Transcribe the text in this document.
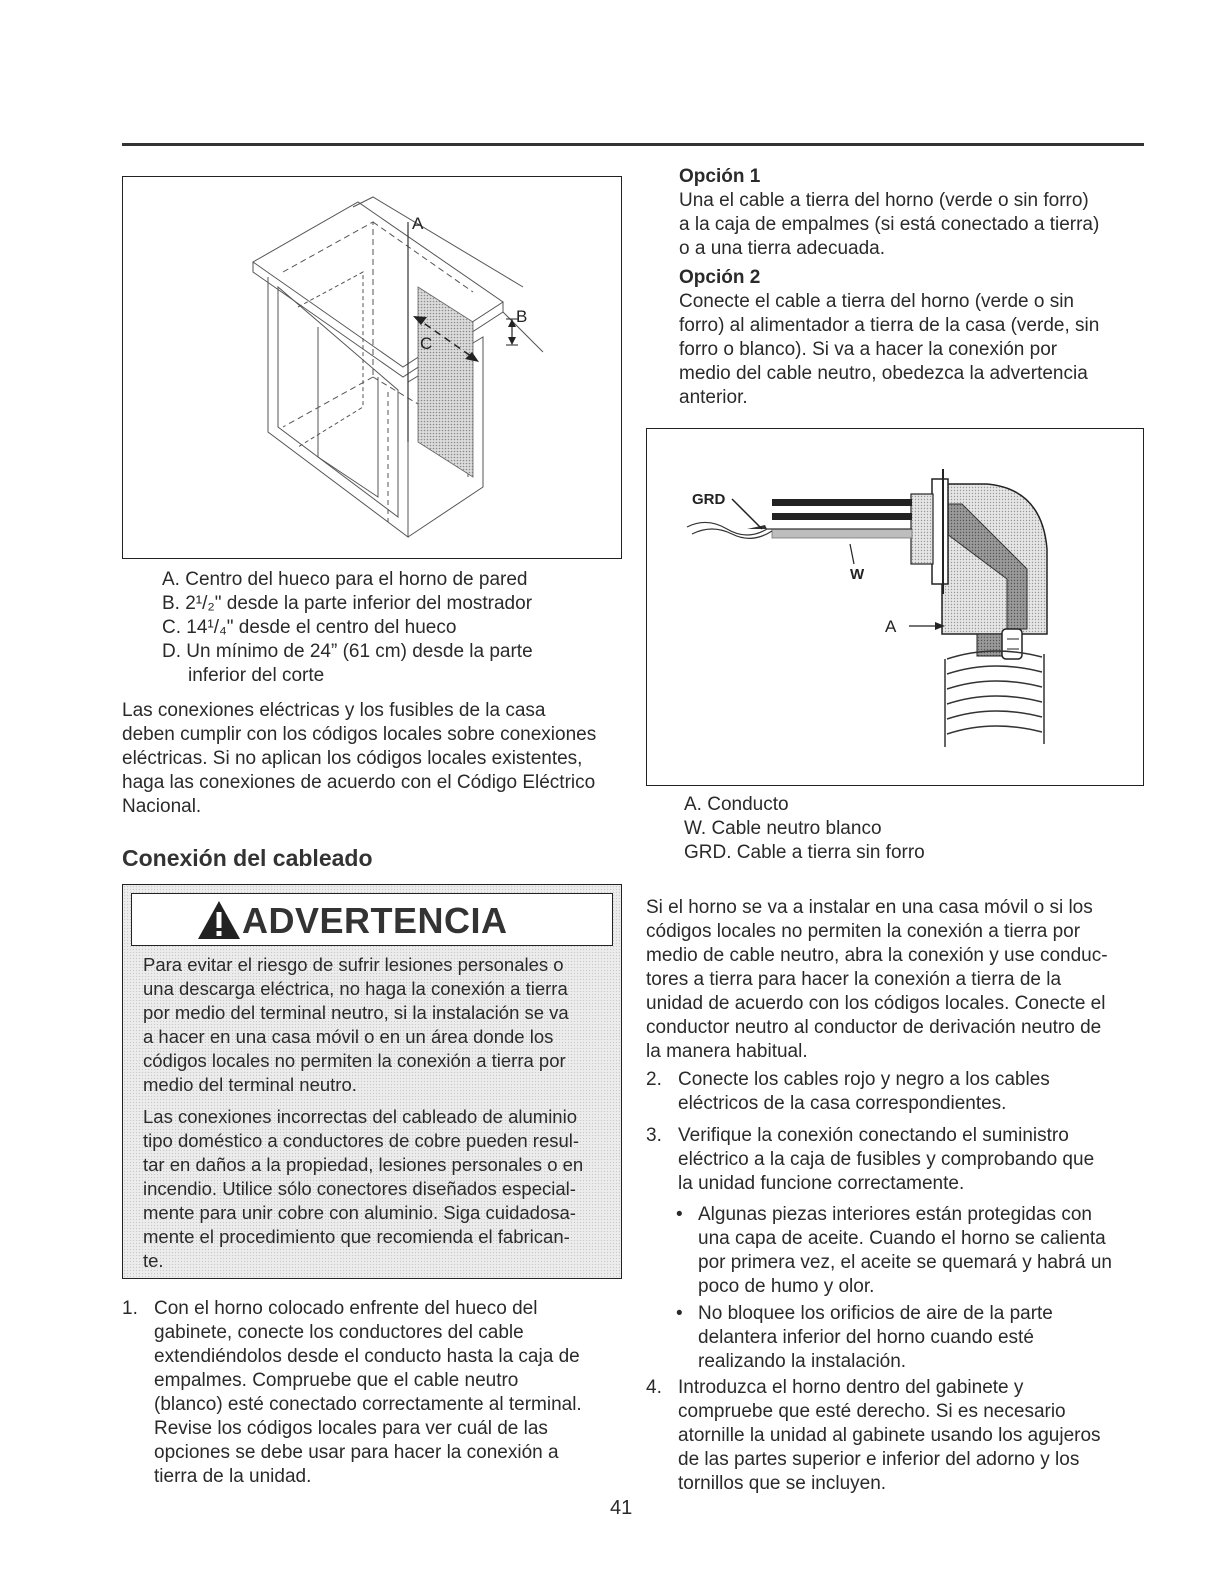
A
B
C
A. Centro del hueco para el horno de pared
B. 2¹/₂" desde la parte inferior del mostrador
C. 14¹/₄" desde el centro del hueco
D. Un mínimo de 24” (61 cm) desde la parte
inferior del corte
Las conexiones eléctricas y los fusibles de la casa
deben cumplir con los códigos locales sobre conexiones
eléctricas. Si no aplican los códigos locales existentes,
haga las conexiones de acuerdo con el Código Eléctrico
Nacional.
Conexión del cableado
ADVERTENCIA
Para evitar el riesgo de sufrir lesiones personales o
una descarga eléctrica, no haga la conexión a tierra
por medio del terminal neutro, si la instalación se va
a hacer en una casa móvil o en un área donde los
códigos locales no permiten la conexión a tierra por
medio del terminal neutro.
Las conexiones incorrectas del cableado de aluminio
tipo doméstico a conductores de cobre pueden resul-
tar en daños a la propiedad, lesiones personales o en
incendio. Utilice sólo conectores diseñados especial-
mente para unir cobre con aluminio. Siga cuidadosa-
mente el procedimiento que recomienda el fabrican-
te.
1. Con el horno colocado enfrente del hueco del
gabinete, conecte los conductores del cable
extendiéndolos desde el conducto hasta la caja de
empalmes. Compruebe que el cable neutro
(blanco) esté conectado correctamente al terminal.
Revise los códigos locales para ver cuál de las
opciones se debe usar para hacer la conexión a
tierra de la unidad.
Opción 1
Una el cable a tierra del horno (verde o sin forro)
a la caja de empalmes (si está conectado a tierra)
o a una tierra adecuada.
Opción 2
Conecte el cable a tierra del horno (verde o sin
forro) al alimentador a tierra de la casa (verde, sin
forro o blanco). Si va a hacer la conexión por
medio del cable neutro, obedezca la advertencia
anterior.
GRD
W
A
A. Conducto
W. Cable neutro blanco
GRD. Cable a tierra sin forro
Si el horno se va a instalar en una casa móvil o si los
códigos locales no permiten la conexión a tierra por
medio de cable neutro, abra la conexión y use conduc-
tores a tierra para hacer la conexión a tierra de la
unidad de acuerdo con los códigos locales. Conecte el
conductor neutro al conductor de derivación neutro de
la manera habitual.
2. Conecte los cables rojo y negro a los cables
eléctricos de la casa correspondientes.
3. Verifique la conexión conectando el suministro
eléctrico a la caja de fusibles y comprobando que
la unidad funcione correctamente.
• Algunas piezas interiores están protegidas con
una capa de aceite. Cuando el horno se calienta
por primera vez, el aceite se quemará y habrá un
poco de humo y olor.
• No bloquee los orificios de aire de la parte
delantera inferior del horno cuando esté
realizando la instalación.
4. Introduzca el horno dentro del gabinete y
compruebe que esté derecho. Si es necesario
atornille la unidad al gabinete usando los agujeros
de las partes superior e inferior del adorno y los
tornillos que se incluyen.
41
